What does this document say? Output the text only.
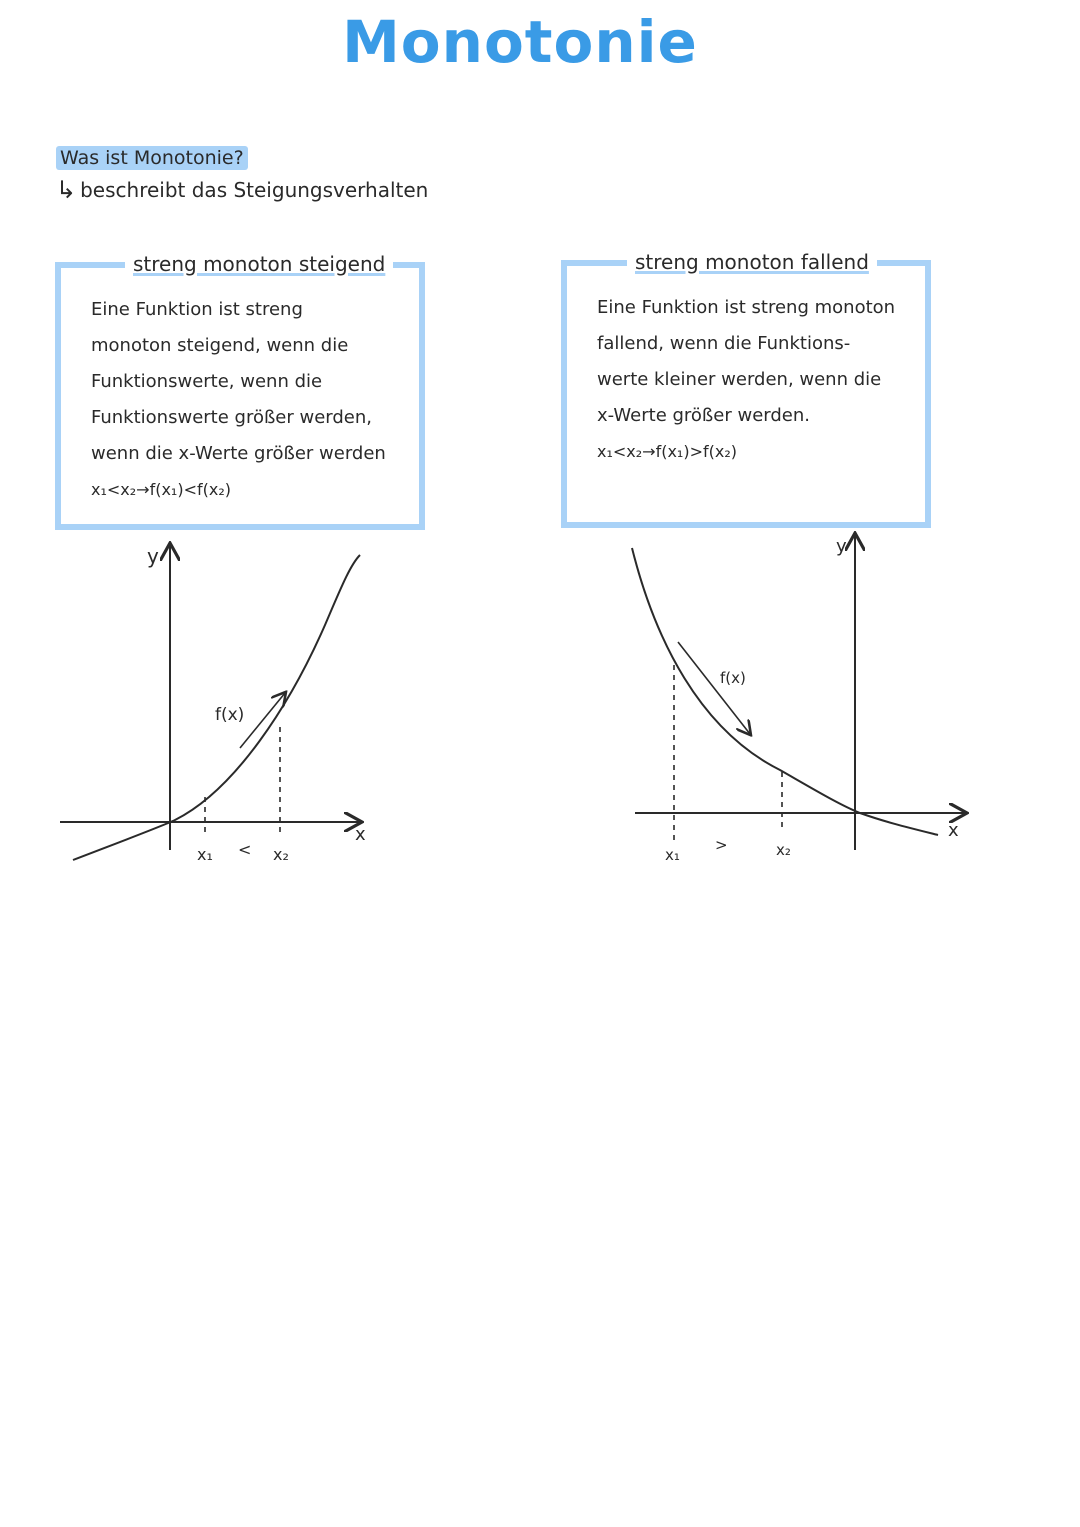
Monotonie
Was ist Monotonie?
↳ beschreibt das Steigungsverhalten
streng monoton steigend
Eine Funktion ist streng
monoton steigend, wenn die
Funktionswerte, wenn die
Funktionswerte größer werden,
wenn die x-Werte größer werden
x₁<x₂→f(x₁)<f(x₂)
streng monoton fallend
Eine Funktion ist streng monoton
fallend, wenn die Funktions-
werte kleiner werden, wenn die
x-Werte größer werden.
x₁<x₂→f(x₁)>f(x₂)
y
x
f(x)
x₁ < x₂
y
x
f(x)
x₁
>	x₂
